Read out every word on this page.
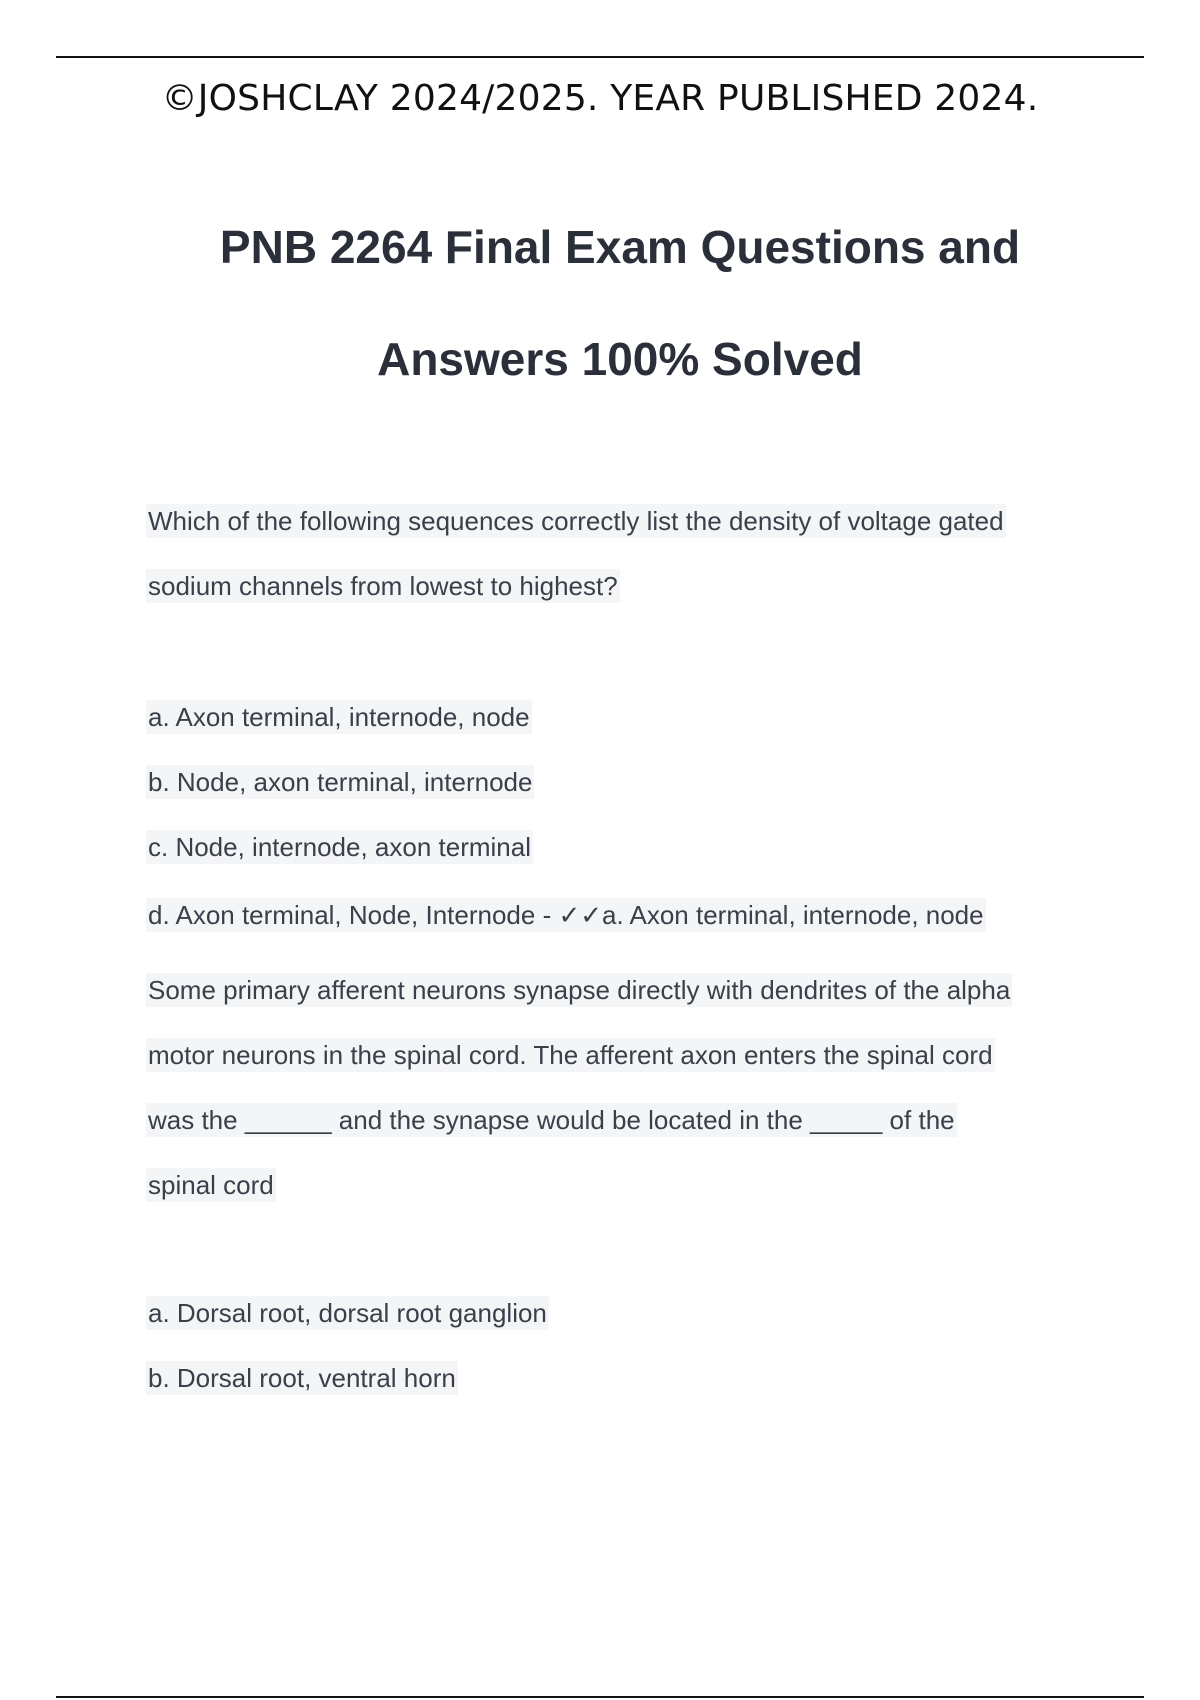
©JOSHCLAY 2024/2025. YEAR PUBLISHED 2024.
PNB 2264 Final Exam Questions and
Answers 100% Solved
Which of the following sequences correctly list the density of voltage gated
sodium channels from lowest to highest?
a. Axon terminal, internode, node
b. Node, axon terminal, internode
c. Node, internode, axon terminal
d. Axon terminal, Node, Internode - ✓✓a. Axon terminal, internode, node
Some primary afferent neurons synapse directly with dendrites of the alpha
motor neurons in the spinal cord. The afferent axon enters the spinal cord
was the ______ and the synapse would be located in the _____ of the
spinal cord
a. Dorsal root, dorsal root ganglion
b. Dorsal root, ventral horn
